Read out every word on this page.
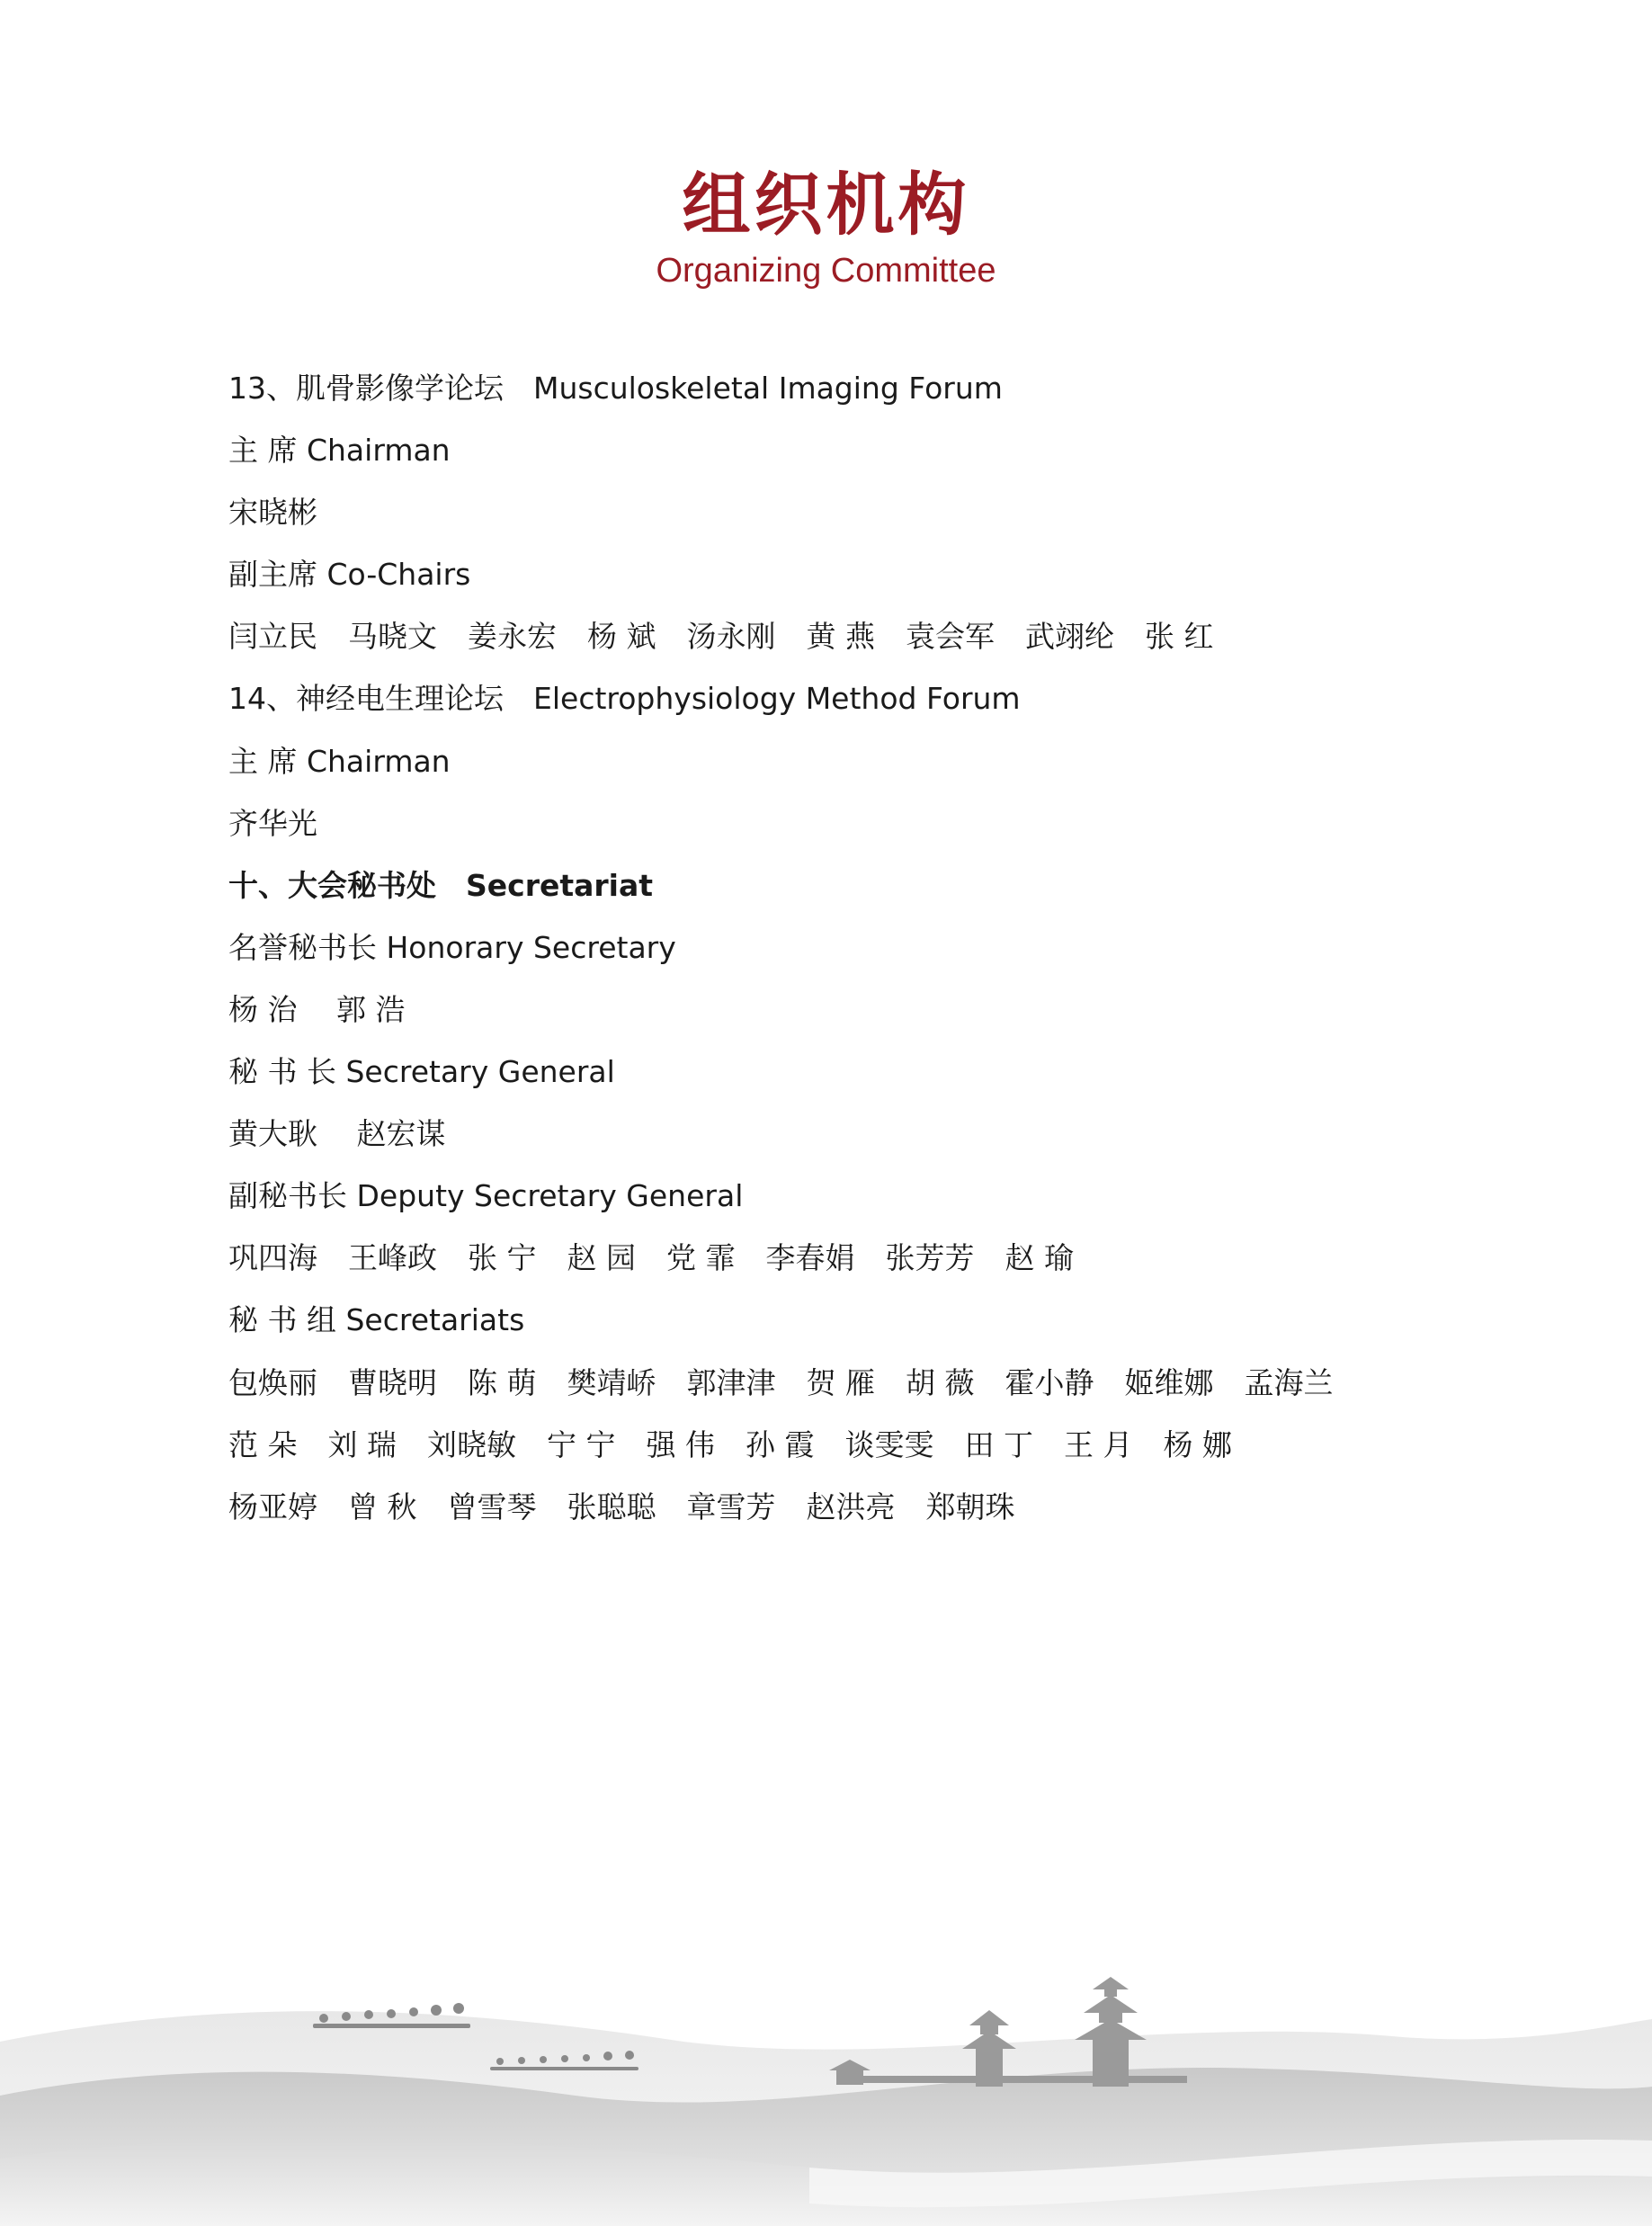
组织机构
Organizing Committee
13、肌骨影像学论坛　Musculoskeletal Imaging Forum
主 席 Chairman
宋晓彬
副主席 Co-Chairs
闫立民 马晓文 姜永宏 杨 斌 汤永刚 黄 燕 袁会军 武翊纶 张 红
14、神经电生理论坛　Electrophysiology Method Forum
主 席 Chairman
齐华光
十、大会秘书处　Secretariat
名誉秘书长 Honorary Secretary
杨 治　 郭 浩
秘 书 长 Secretary General
黄大耿　 赵宏谋
副秘书长 Deputy Secretary General
巩四海 王峰政 张 宁 赵 园 党 霏 李春娟 张芳芳 赵 瑜
秘 书 组 Secretariats
包焕丽 曹晓明 陈 萌 樊靖峤 郭津津 贺 雁 胡 薇 霍小静 姬维娜 孟海兰
范 朵 刘 瑞 刘晓敏 宁 宁 强 伟 孙 霞 谈雯雯 田 丁 王 月 杨 娜
杨亚婷 曾 秋 曾雪琴 张聪聪 章雪芳 赵洪亮 郑朝珠
